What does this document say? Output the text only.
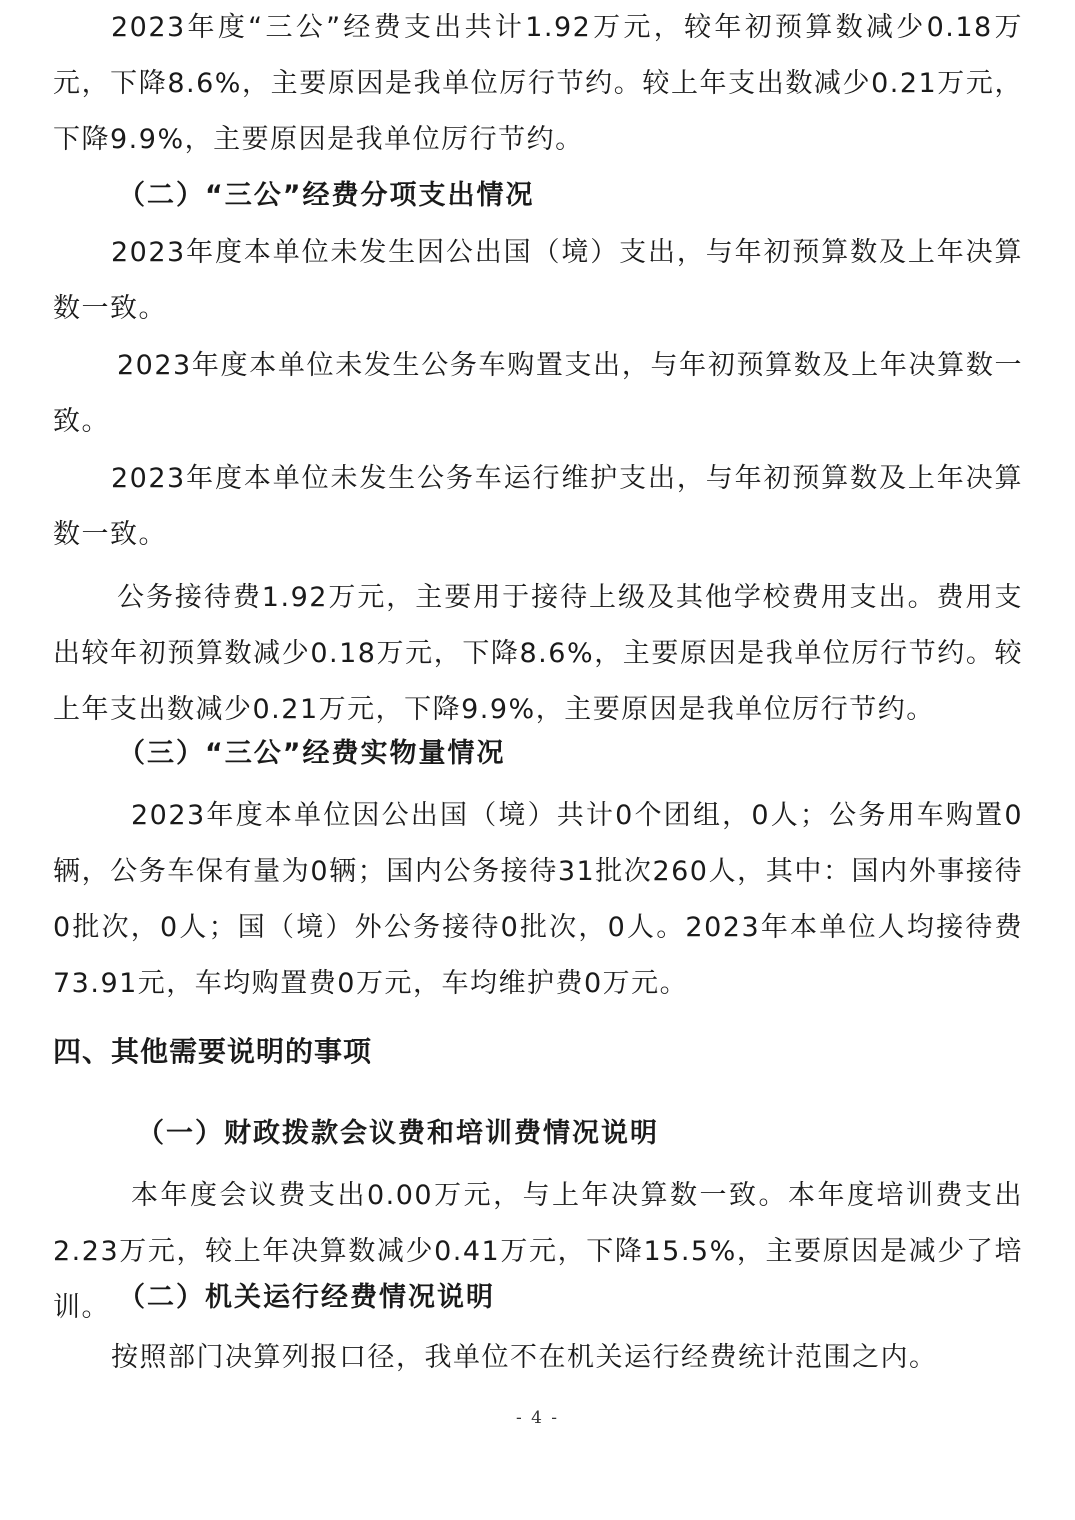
2023年度“三公”经费支出共计1.92万元，较年初预算数减少0.18万元，下降8.6%，主要原因是我单位厉行节约。较上年支出数减少0.21万元，下降9.9%，主要原因是我单位厉行节约。

（二）“三公”经费分项支出情况

2023年度本单位未发生因公出国（境）支出，与年初预算数及上年决算数一致。

2023年度本单位未发生公务车购置支出，与年初预算数及上年决算数一致。

2023年度本单位未发生公务车运行维护支出，与年初预算数及上年决算数一致。

公务接待费1.92万元，主要用于接待上级及其他学校费用支出。费用支出较年初预算数减少0.18万元，下降8.6%，主要原因是我单位厉行节约。较上年支出数减少0.21万元，下降9.9%，主要原因是我单位厉行节约。

（三）“三公”经费实物量情况

2023年度本单位因公出国（境）共计0个团组，0人；公务用车购置0辆，公务车保有量为0辆；国内公务接待31批次260人，其中：国内外事接待0批次，0人；国（境）外公务接待0批次，0人。2023年本单位人均接待费73.91元，车均购置费0万元，车均维护费0万元。

四、其他需要说明的事项

（一）财政拨款会议费和培训费情况说明

本年度会议费支出0.00万元，与上年决算数一致。本年度培训费支出2.23万元，较上年决算数减少0.41万元，下降15.5%，主要原因是减少了培训。 （二）机关运行经费情况说明

按照部门决算列报口径，我单位不在机关运行经费统计范围之内。

- 4 -
